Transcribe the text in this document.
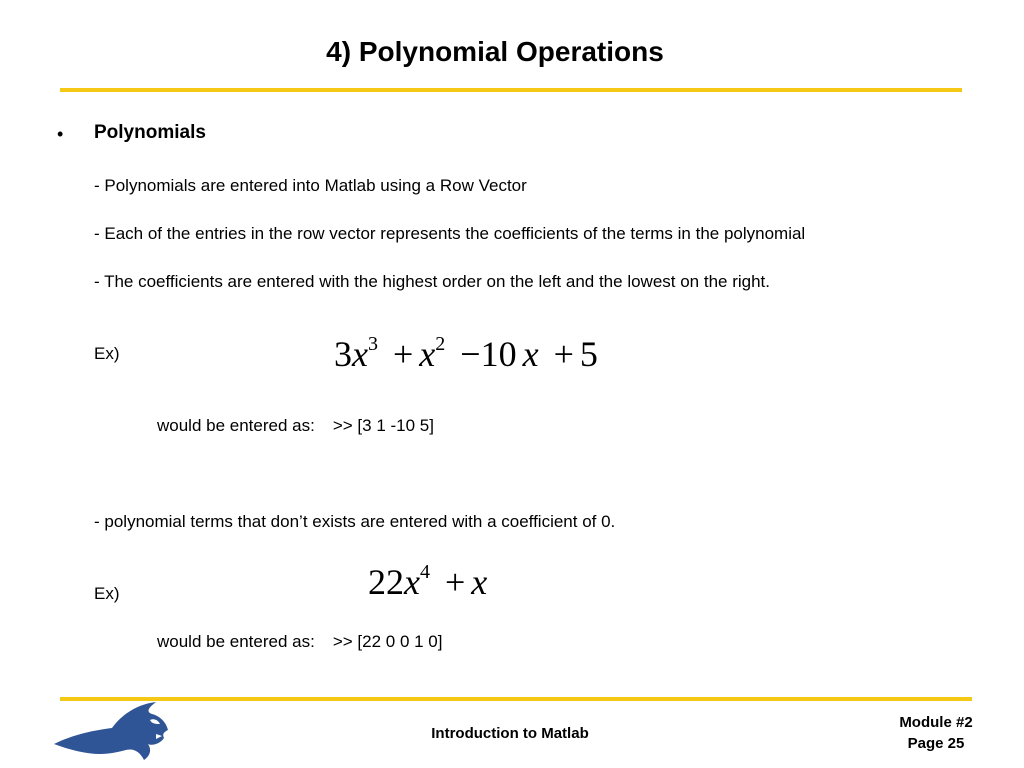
4) Polynomial Operations
• Polynomials
- Polynomials are entered into Matlab using a Row Vector
- Each of the entries in the row vector represents the coefficients of the terms in the polynomial
- The coefficients are entered with the highest order on the left and the lowest on the right.
Ex)	$3x^3 + x^2 -10$ x + 5
would be entered as: >> [3 1 -10 5]
- polynomial terms that don’t exists are entered with a coefficient of 0.
Ex)	$22x^4 + x$
would be entered as: >> [22 0 0 1 0]
Introduction to Matlab
Module #2
Page 25
